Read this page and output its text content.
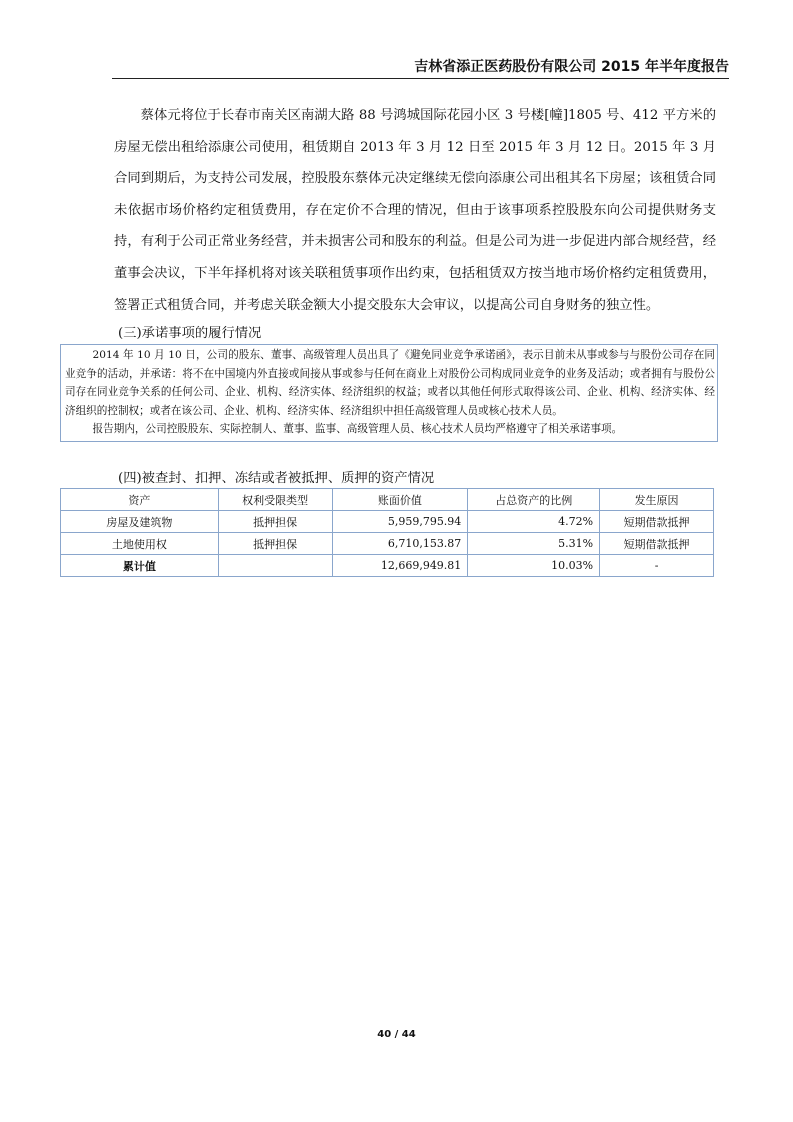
吉林省添正医药股份有限公司 2015 年半年度报告

蔡体元将位于长春市南关区南湖大路 88 号鸿城国际花园小区 3 号楼[幢]1805 号、412 平方米的房屋无偿出租给添康公司使用，租赁期自 2013 年 3 月 12 日至 2015 年 3 月 12 日。2015 年 3 月合同到期后，为支持公司发展，控股股东蔡体元决定继续无偿向添康公司出租其名下房屋；该租赁合同未依据市场价格约定租赁费用，存在定价不合理的情况，但由于该事项系控股股东向公司提供财务支持，有利于公司正常业务经营，并未损害公司和股东的利益。但是公司为进一步促进内部合规经营，经董事会决议，下半年择机将对该关联租赁事项作出约束，包括租赁双方按当地市场价格约定租赁费用，签署正式租赁合同，并考虑关联金额大小提交股东大会审议，以提高公司自身财务的独立性。

(三)承诺事项的履行情况

2014 年 10 月 10 日，公司的股东、董事、高级管理人员出具了《避免同业竞争承诺函》，表示目前未从事或参与与股份公司存在同业竞争的活动，并承诺：将不在中国境内外直接或间接从事或参与任何在商业上对股份公司构成同业竞争的业务及活动；或者拥有与股份公司存在同业竞争关系的任何公司、企业、机构、经济实体、经济组织的权益；或者以其他任何形式取得该公司、企业、机构、经济实体、经济组织的控制权；或者在该公司、企业、机构、经济实体、经济组织中担任高级管理人员或核心技术人员。

报告期内，公司控股股东、实际控制人、董事、监事、高级管理人员、核心技术人员均严格遵守了相关承诺事项。

(四)被查封、扣押、冻结或者被抵押、质押的资产情况

资产	权利受限类型	账面价值	占总资产的比例	发生原因
房屋及建筑物	抵押担保	5,959,795.94	4.72%	短期借款抵押
土地使用权	抵押担保	6,710,153.87	5.31%	短期借款抵押
累计值		12,669,949.81	10.03%	-
40 / 44
